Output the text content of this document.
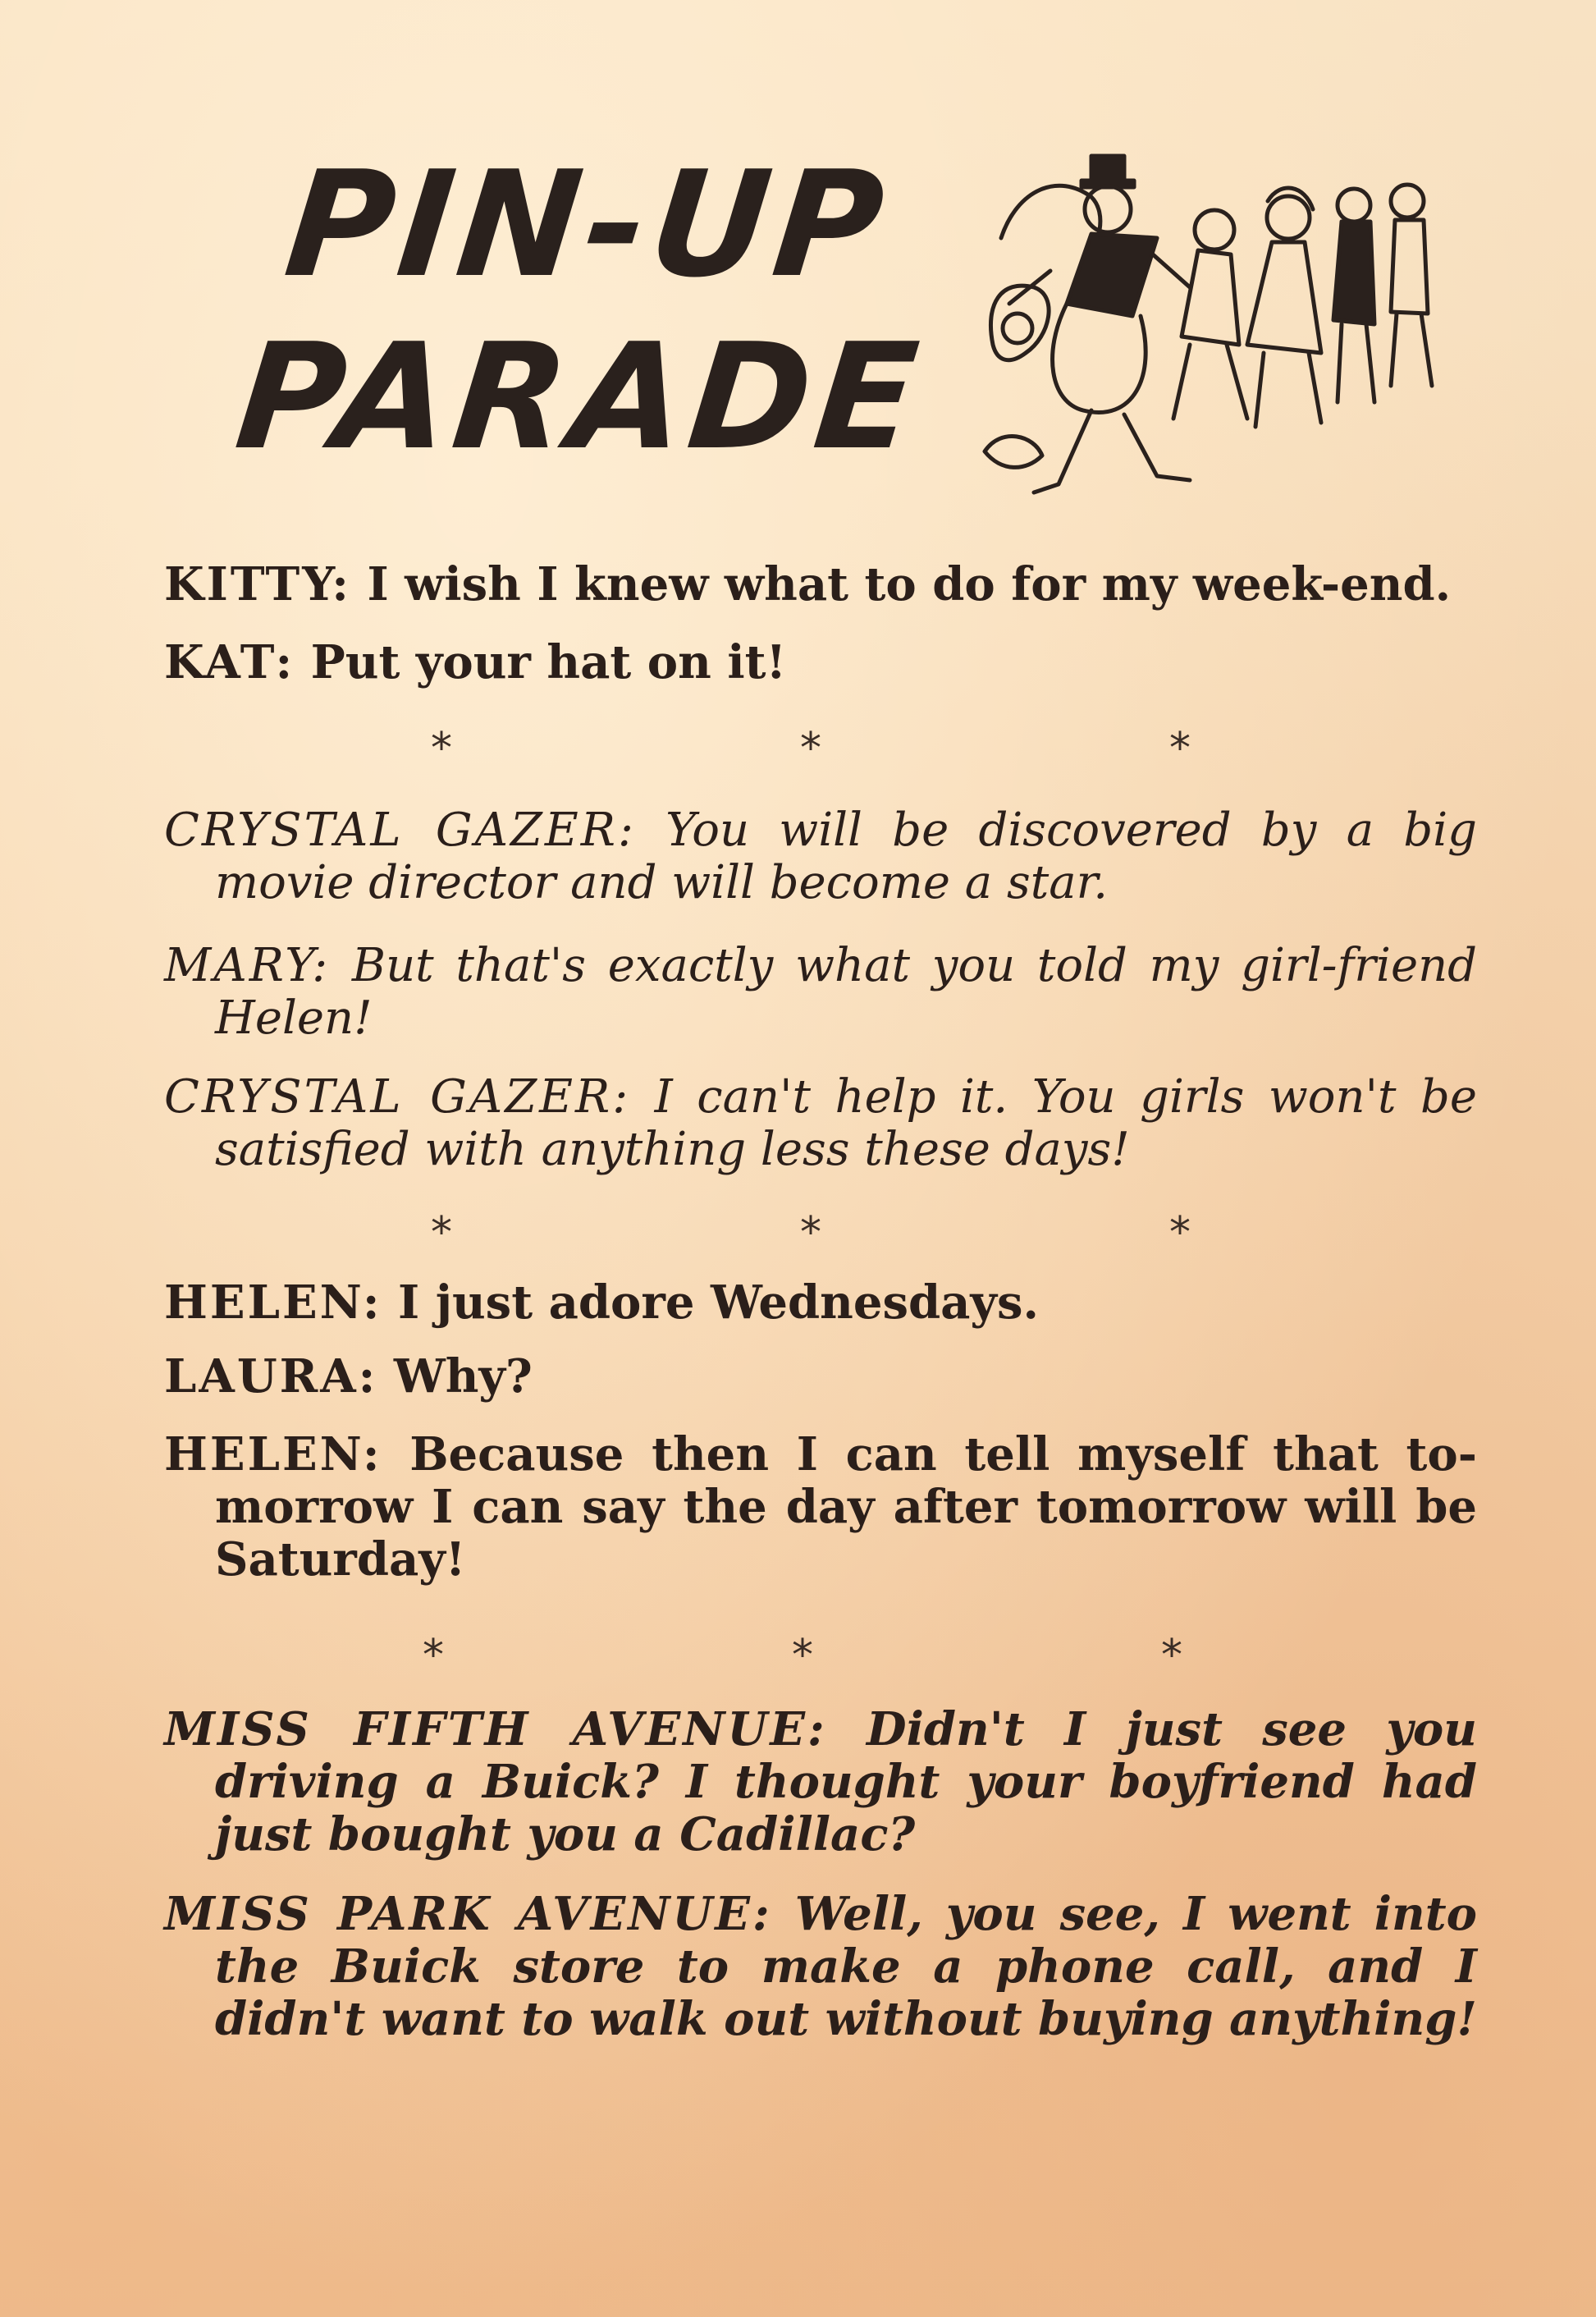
PIN-UP
PARADE

KITTY: I wish I knew what to do for my week-end.

KAT: Put your hat on it!

*	*	*

CRYSTAL GAZER: You will be discovered by a big movie director and will become a star.

MARY: But that's exactly what you told my girl-friend Helen!

CRYSTAL GAZER: I can't help it. You girls won't be satisfied with anything less these days!

*	*	*

HELEN: I just adore Wednesdays.

LAURA: Why?

HELEN: Because then I can tell myself that to-morrow I can say the day after tomorrow will be Saturday!

*	*	*

MISS FIFTH AVENUE: Didn't I just see you driving a Buick? I thought your boyfriend had just bought you a Cadillac?

MISS PARK AVENUE: Well, you see, I went into the Buick store to make a phone call, and I didn't want to walk out without buying anything!
